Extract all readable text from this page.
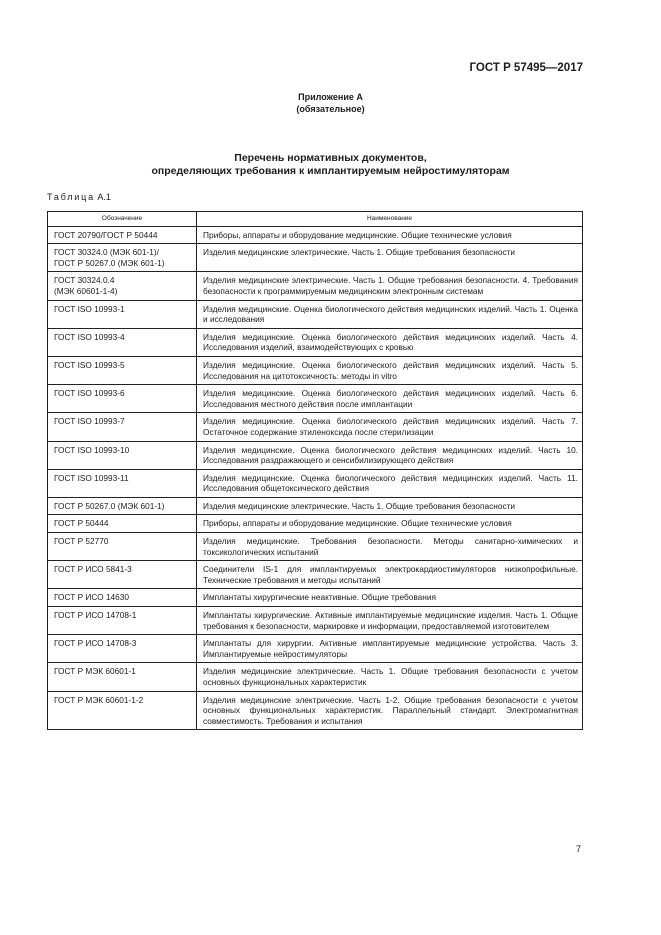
ГОСТ Р 57495—2017
Приложение А
(обязательное)
Перечень нормативных документов,
определяющих требования к имплантируемым нейростимуляторам
Таблица А.1
Обозначение	Наименование
ГОСТ 20790/ГОСТ Р 50444	Приборы, аппараты и оборудование медицинские. Общие технические условия
ГОСТ 30324.0 (МЭК 601-1)/
ГОСТ Р 50267.0 (МЭК 601-1)	Изделия медицинские электрические. Часть 1. Общие требования безопасности
ГОСТ 30324.0.4
(МЭК 60601-1-4)	Изделия медицинские электрические. Часть 1. Общие требования безопасности. 4. Требования безопасности к программируемым медицинским электронным системам
ГОСТ ISO 10993-1	Изделия медицинские. Оценка биологического действия медицинских изделий. Часть 1. Оценка и исследования
ГОСТ ISO 10993-4	Изделия медицинские. Оценка биологического действия медицинских изделий. Часть 4. Исследования изделий, взаимодействующих с кровью
ГОСТ ISO 10993-5	Изделия медицинские. Оценка биологического действия медицинских изделий. Часть 5. Исследования на цитотоксичность: методы in vitro
ГОСТ ISO 10993-6	Изделия медицинские. Оценка биологического действия медицинских изделий. Часть 6. Исследования местного действия после имплантации
ГОСТ ISO 10993-7	Изделия медицинские. Оценка биологического действия медицинских изделий. Часть 7. Остаточное содержание этиленоксида после стерилизации
ГОСТ ISO 10993-10	Изделия медицинские. Оценка биологического действия медицинских изделий. Часть 10. Исследования раздражающего и сенсибилизирующего действия
ГОСТ ISO 10993-11	Изделия медицинские. Оценка биологического действия медицинских изделий. Часть 11. Исследования общетоксического действия
ГОСТ Р 50267.0 (МЭК 601-1)	Изделия медицинские электрические. Часть 1. Общие требования безопасности
ГОСТ Р 50444	Приборы, аппараты и оборудование медицинские. Общие технические условия
ГОСТ Р 52770	Изделия медицинские. Требования безопасности. Методы санитарно-химических и токсикологических испытаний
ГОСТ Р ИСО 5841-3	Соединители IS-1 для имплантируемых электрокардиостимуляторов низкопрофильные. Технические требования и методы испытаний
ГОСТ Р ИСО 14630	Имплантаты хирургические неактивные. Общие требования
ГОСТ Р ИСО 14708-1	Имплантаты хирургические. Активные имплантируемые медицинские изделия. Часть 1. Общие требования к безопасности, маркировке и информации, предоставляемой изготовителем
ГОСТ Р ИСО 14708-3	Имплантаты для хирургии. Активные имплантируемые медицинские устройства. Часть 3. Имплантируемые нейростимуляторы
ГОСТ Р МЭК 60601-1	Изделия медицинские электрические. Часть 1. Общие требования безопасности с учетом основных функциональных характеристик
ГОСТ Р МЭК 60601-1-2	Изделия медицинские электрические. Часть 1-2. Общие требования безопасности с учетом основных функциональных характеристик. Параллельный стандарт. Электромагнитная совместимость. Требования и испытания
7
